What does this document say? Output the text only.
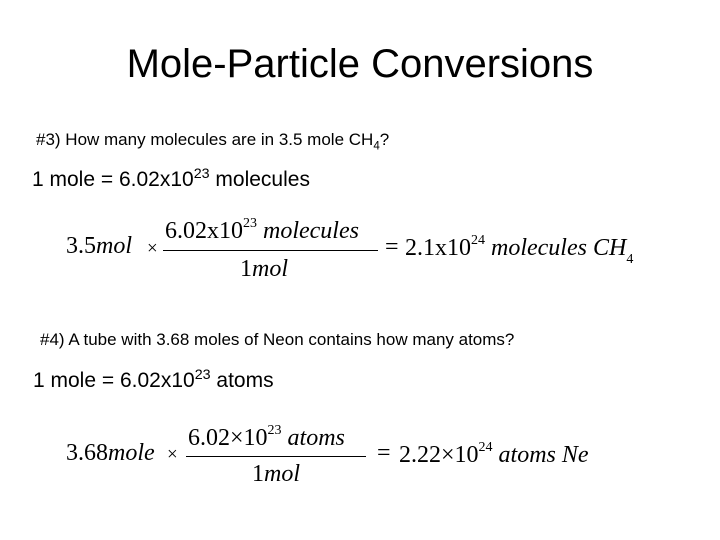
Mole-Particle Conversions
#3) How many molecules are in 3.5 mole $CH_4$?
1 mole = $6.02x10^{23}$ molecules
3.5mol ×
$6.02x10^{23}$ molecules
1mol
= $2.1x10^{24}$ molecules $CH_4$
#4) A tube with 3.68 moles of Neon contains how many atoms?
1 mole = $6.02x10^{23}$ atoms
3.68mole ×
$6.02\times 10^{23}$ atoms
1mol
= $2.22\times 10^{24}$ atoms Ne
